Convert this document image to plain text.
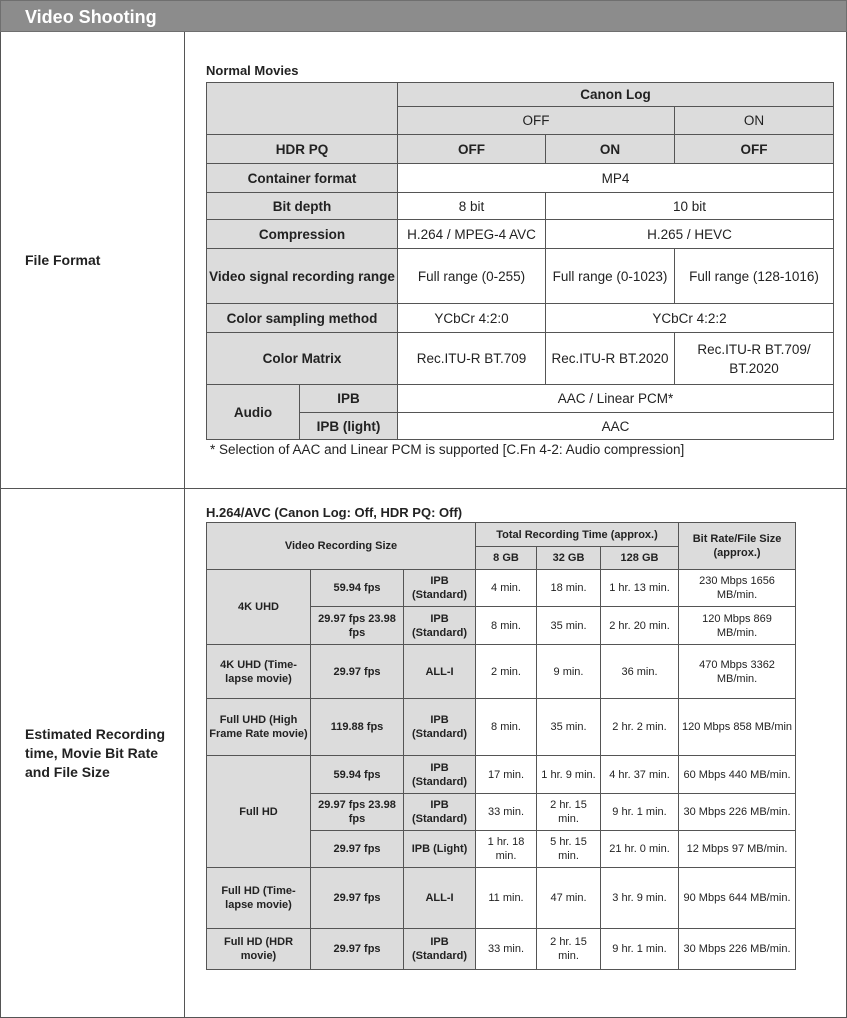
Video Shooting
File Format
Normal Movies
		Canon Log		
		OFF		ON
HDR PQ		OFF	ON	OFF
Container format		MP4		
Bit depth		8 bit	10 bit	
Compression		H.264 / MPEG-4 AVC	H.265 / HEVC	
Video signal recording range		Full range (0-255)	Full range (0-1023)	Full range (128-1016)
Color sampling method		YCbCr 4:2:0	YCbCr 4:2:2	
Color Matrix		Rec.ITU-R BT.709	Rec.ITU-R BT.2020	Rec.ITU-R BT.709/ BT.2020
Audio	IPB	AAC / Linear PCM*		
	IPB (light)	AAC		
* Selection of AAC and Linear PCM is supported [C.Fn 4-2: Audio compression]
Estimated Recording time, Movie Bit Rate and File Size
H.264/AVC (Canon Log: Off, HDR PQ: Off)
Video Recording Size			Total Recording Time (approx.)			Bit Rate/File Size (approx.)
			8 GB	32 GB	128 GB	
4K UHD	59.94 fps	IPB (Standard)	4 min.	18 min.	1 hr. 13 min.	230 Mbps 1656 MB/min.
	29.97 fps 23.98 fps	IPB (Standard)	8 min.	35 min.	2 hr. 20 min.	120 Mbps 869 MB/min.
4K UHD (Time-lapse movie)	29.97 fps	ALL-I	2 min.	9 min.	36 min.	470 Mbps 3362 MB/min.
Full UHD (High Frame Rate movie)	119.88 fps	IPB (Standard)	8 min.	35 min.	2 hr. 2 min.	120 Mbps 858 MB/min
Full HD	59.94 fps	IPB (Standard)	17 min.	1 hr. 9 min.	4 hr. 37 min.	60 Mbps 440 MB/min.
	29.97 fps 23.98 fps	IPB (Standard)	33 min.	2 hr. 15 min.	9 hr. 1 min.	30 Mbps 226 MB/min.
	29.97 fps	IPB (Light)	1 hr. 18 min.	5 hr. 15 min.	21 hr. 0 min.	12 Mbps 97 MB/min.
Full HD (Time-lapse movie)	29.97 fps	ALL-I	11 min.	47 min.	3 hr. 9 min.	90 Mbps 644 MB/min.
Full HD (HDR movie)	29.97 fps	IPB (Standard)	33 min.	2 hr. 15 min.	9 hr. 1 min.	30 Mbps 226 MB/min.
